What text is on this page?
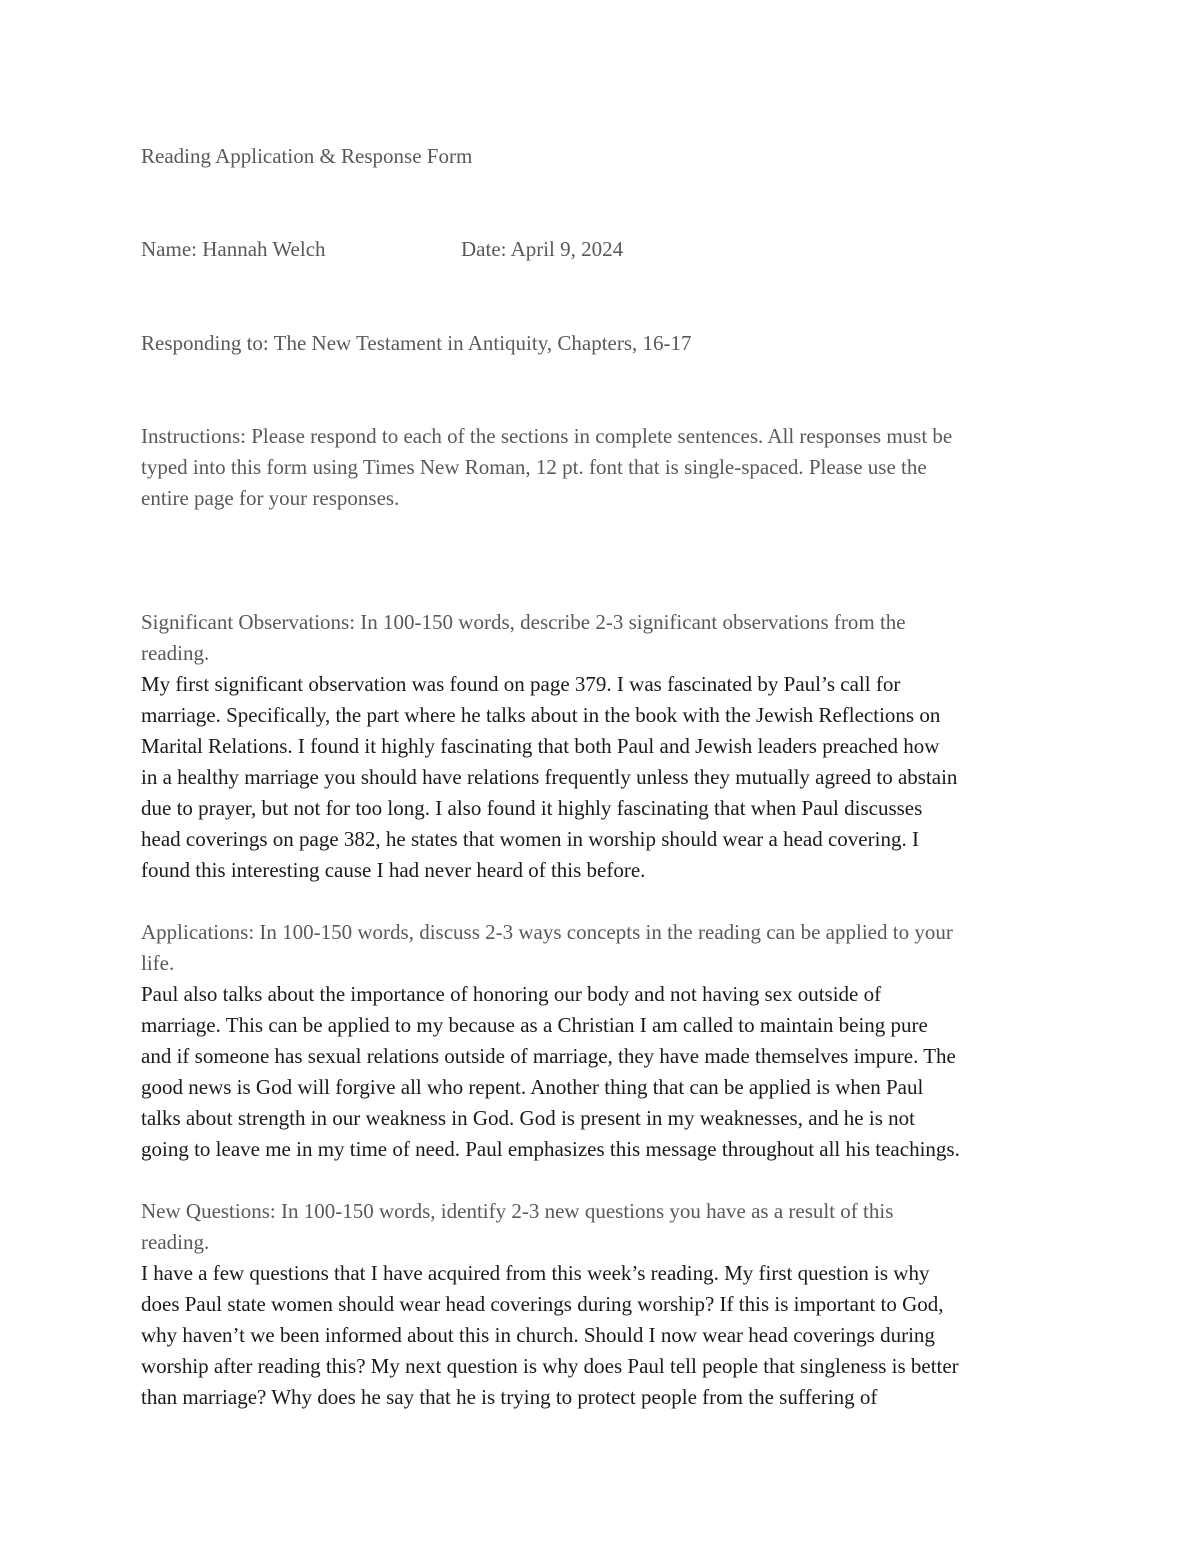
Reading Application & Response Form
Name: Hannah Welch	Date: April 9, 2024
Responding to: The New Testament in Antiquity, Chapters, 16-17
Instructions: Please respond to each of the sections in complete sentences. All responses must be
typed into this form using Times New Roman, 12 pt. font that is single-spaced. Please use the
entire page for your responses.
Significant Observations: In 100-150 words, describe 2-3 significant observations from the
reading.
My first significant observation was found on page 379. I was fascinated by Paul’s call for
marriage. Specifically, the part where he talks about in the book with the Jewish Reflections on
Marital Relations. I found it highly fascinating that both Paul and Jewish leaders preached how
in a healthy marriage you should have relations frequently unless they mutually agreed to abstain
due to prayer, but not for too long. I also found it highly fascinating that when Paul discusses
head coverings on page 382, he states that women in worship should wear a head covering. I
found this interesting cause I had never heard of this before.
Applications: In 100-150 words, discuss 2-3 ways concepts in the reading can be applied to your
life.
Paul also talks about the importance of honoring our body and not having sex outside of
marriage. This can be applied to my because as a Christian I am called to maintain being pure
and if someone has sexual relations outside of marriage, they have made themselves impure. The
good news is God will forgive all who repent. Another thing that can be applied is when Paul
talks about strength in our weakness in God. God is present in my weaknesses, and he is not
going to leave me in my time of need. Paul emphasizes this message throughout all his teachings.
New Questions: In 100-150 words, identify 2-3 new questions you have as a result of this
reading.
I have a few questions that I have acquired from this week’s reading. My first question is why
does Paul state women should wear head coverings during worship? If this is important to God,
why haven’t we been informed about this in church. Should I now wear head coverings during
worship after reading this? My next question is why does Paul tell people that singleness is better
than marriage? Why does he say that he is trying to protect people from the suffering of
